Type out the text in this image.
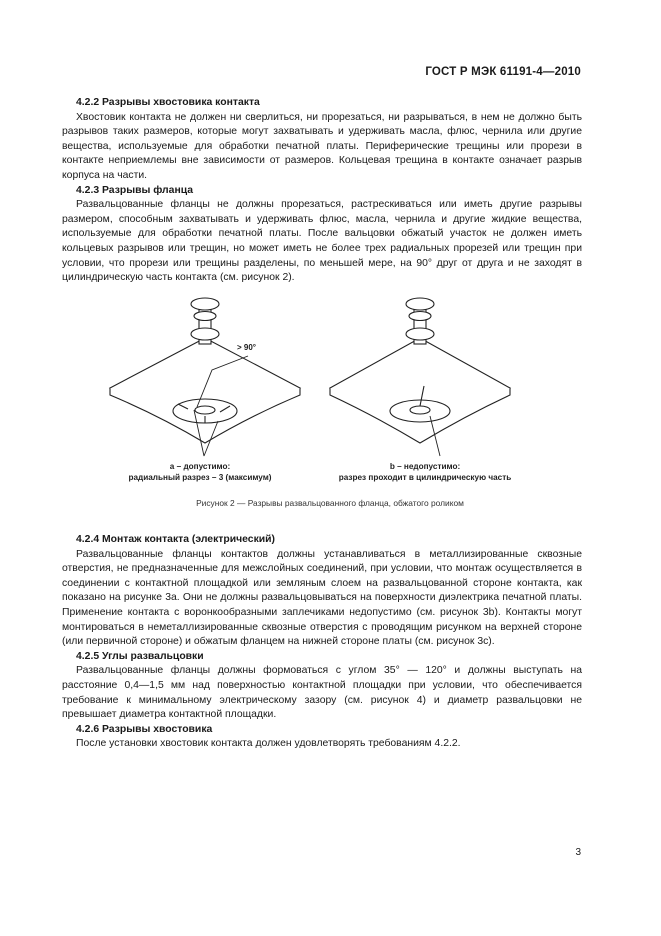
ГОСТ Р МЭК 61191-4—2010
4.2.2 Разрывы хвостовика контакта

Хвостовик контакта не должен ни сверлиться, ни прорезаться, ни разрываться, в нем не должно быть разрывов таких размеров, которые могут захватывать и удерживать масла, флюс, чернила или другие вещества, используемые для обработки печатной платы. Периферические трещины или прорези в контакте неприемлемы вне зависимости от размеров. Кольцевая трещина в контакте означает разрыв корпуса на части.

4.2.3 Разрывы фланца

Развальцованные фланцы не должны прорезаться, растрескиваться или иметь другие разрывы размером, способным захватывать и удерживать флюс, масла, чернила и другие жидкие вещества, используемые для обработки печатной платы. После вальцовки обжатый участок не должен иметь кольцевых разрывов или трещин, но может иметь не более трех радиальных прорезей или трещин при условии, что прорези или трещины разделены, по меньшей мере, на 90° друг от друга и не заходят в цилиндрическую часть контакта (см. рисунок 2).

> 90°
a – допустимо:
радиальный разрез – 3 (максимум)
b – недопустимо:
разрез проходит в цилиндрическую часть
Рисунок 2 — Разрывы развальцованного фланца, обжатого роликом
4.2.4 Монтаж контакта (электрический)

Развальцованные фланцы контактов должны устанавливаться в металлизированные сквозные отверстия, не предназначенные для межслойных соединений, при условии, что монтаж осуществляется в соединении с контактной площадкой или земляным слоем на развальцованной стороне контакта, как показано на рисунке 3а. Они не должны развальцовываться на поверхности диэлектрика печатной платы. Применение контакта с воронкообразными заплечиками недопустимо (см. рисунок 3b). Контакты могут монтироваться в неметаллизированные сквозные отверстия с проводящим рисунком на верхней стороне (или первичной стороне) и обжатым фланцем на нижней стороне платы (см. рисунок 3с).

4.2.5 Углы развальцовки

Развальцованные фланцы должны формоваться с углом 35° — 120° и должны выступать на расстояние 0,4—1,5 мм над поверхностью контактной площадки при условии, что обеспечивается требование к минимальному электрическому зазору (см. рисунок 4) и диаметр развальцовки не превышает диаметра контактной площадки.

4.2.6 Разрывы хвостовика

После установки хвостовик контакта должен удовлетворять требованиям 4.2.2.

3
